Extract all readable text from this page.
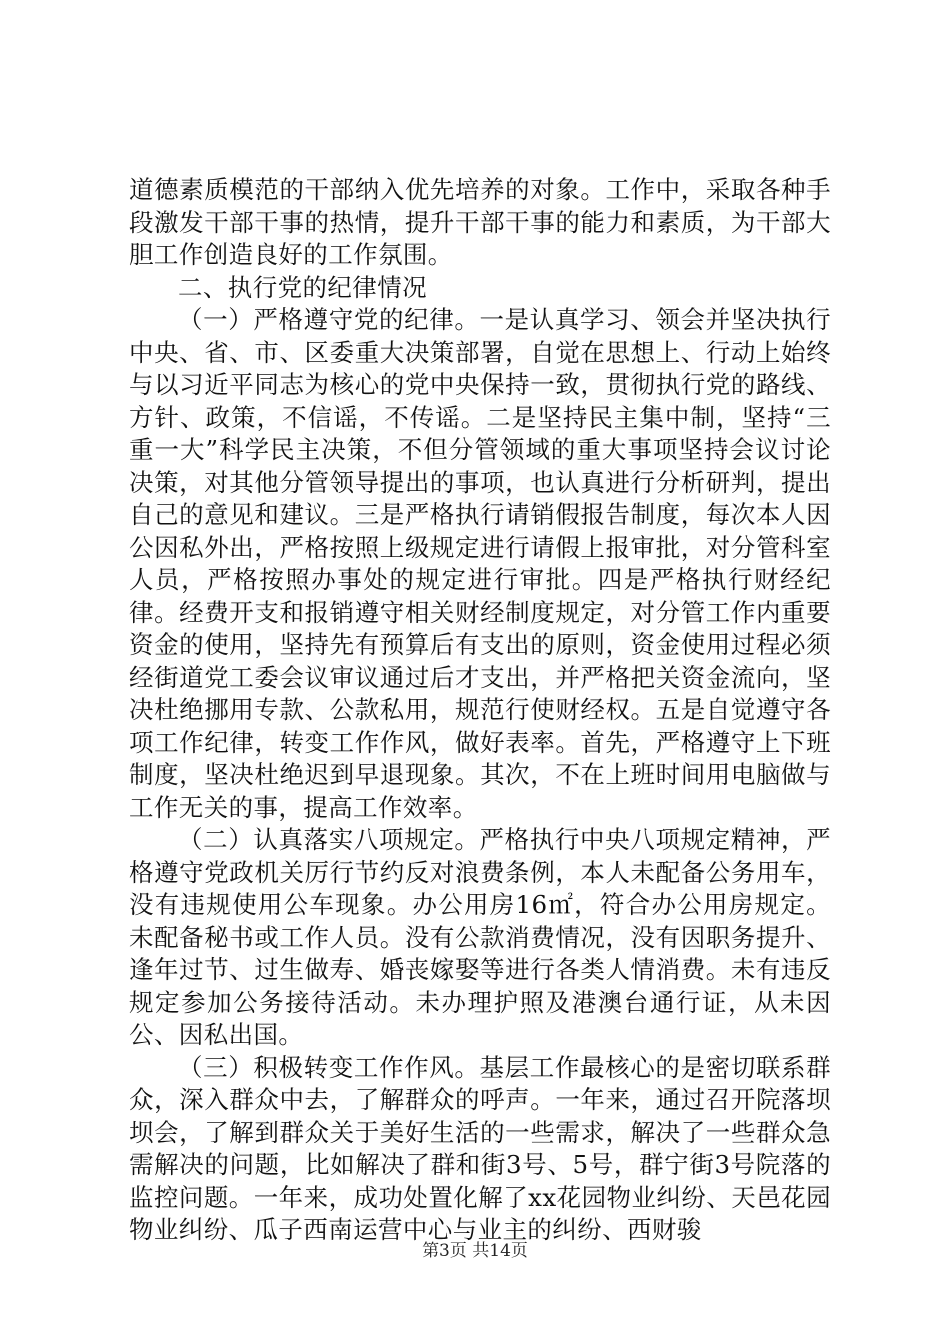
道德素质模范的干部纳入优先培养的对象。工作中，采取各种手段激发干部干事的热情，提升干部干事的能力和素质，为干部大胆工作创造良好的工作氛围。

二、执行党的纪律情况

（一）严格遵守党的纪律。一是认真学习、领会并坚决执行中央、省、市、区委重大决策部署，自觉在思想上、行动上始终与以习近平同志为核心的党中央保持一致，贯彻执行党的路线、方针、政策，不信谣，不传谣。二是坚持民主集中制，坚持“三重一大”科学民主决策，不但分管领域的重大事项坚持会议讨论决策，对其他分管领导提出的事项，也认真进行分析研判，提出自己的意见和建议。三是严格执行请销假报告制度，每次本人因公因私外出，严格按照上级规定进行请假上报审批，对分管科室人员，严格按照办事处的规定进行审批。四是严格执行财经纪律。经费开支和报销遵守相关财经制度规定，对分管工作内重要资金的使用，坚持先有预算后有支出的原则，资金使用过程必须经街道党工委会议审议通过后才支出，并严格把关资金流向，坚决杜绝挪用专款、公款私用，规范行使财经权。五是自觉遵守各项工作纪律，转变工作作风，做好表率。首先，严格遵守上下班制度，坚决杜绝迟到早退现象。其次，不在上班时间用电脑做与工作无关的事，提高工作效率。

（二）认真落实八项规定。严格执行中央八项规定精神，严格遵守党政机关厉行节约反对浪费条例，本人未配备公务用车，没有违规使用公车现象。办公用房16㎡，符合办公用房规定。未配备秘书或工作人员。没有公款消费情况，没有因职务提升、逢年过节、过生做寿、婚丧嫁娶等进行各类人情消费。未有违反规定参加公务接待活动。未办理护照及港澳台通行证，从未因公、因私出国。

（三）积极转变工作作风。基层工作最核心的是密切联系群众，深入群众中去，了解群众的呼声。一年来，通过召开院落坝坝会，了解到群众关于美好生活的一些需求，解决了一些群众急需解决的问题，比如解决了群和街3号、5号，群宁街3号院落的监控问题。一年来，成功处置化解了xx花园物业纠纷、天邑花园物业纠纷、瓜子西南运营中心与业主的纠纷、西财骏

第3页 共14页
